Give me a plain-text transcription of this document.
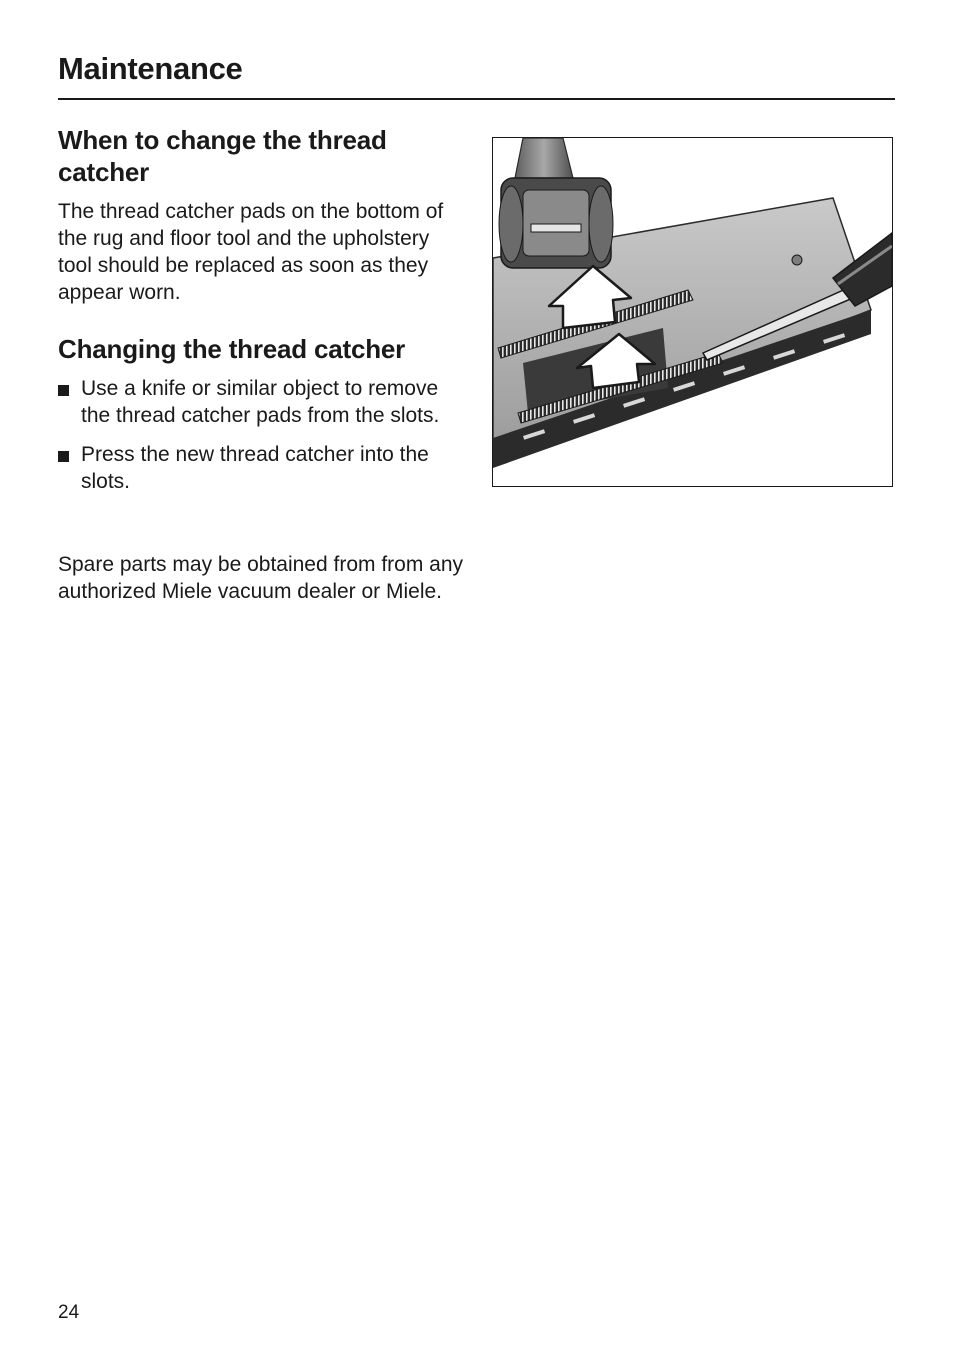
Maintenance
When to change the thread catcher

The thread catcher pads on the bottom of the rug and floor tool and the upholstery tool should be replaced as soon as they appear worn.

Changing the thread catcher
Use a knife or similar object to remove the thread catcher pads from the slots.
Press the new thread catcher into the slots.

Spare parts may be obtained from from any authorized Miele vacuum dealer or Miele.

24
